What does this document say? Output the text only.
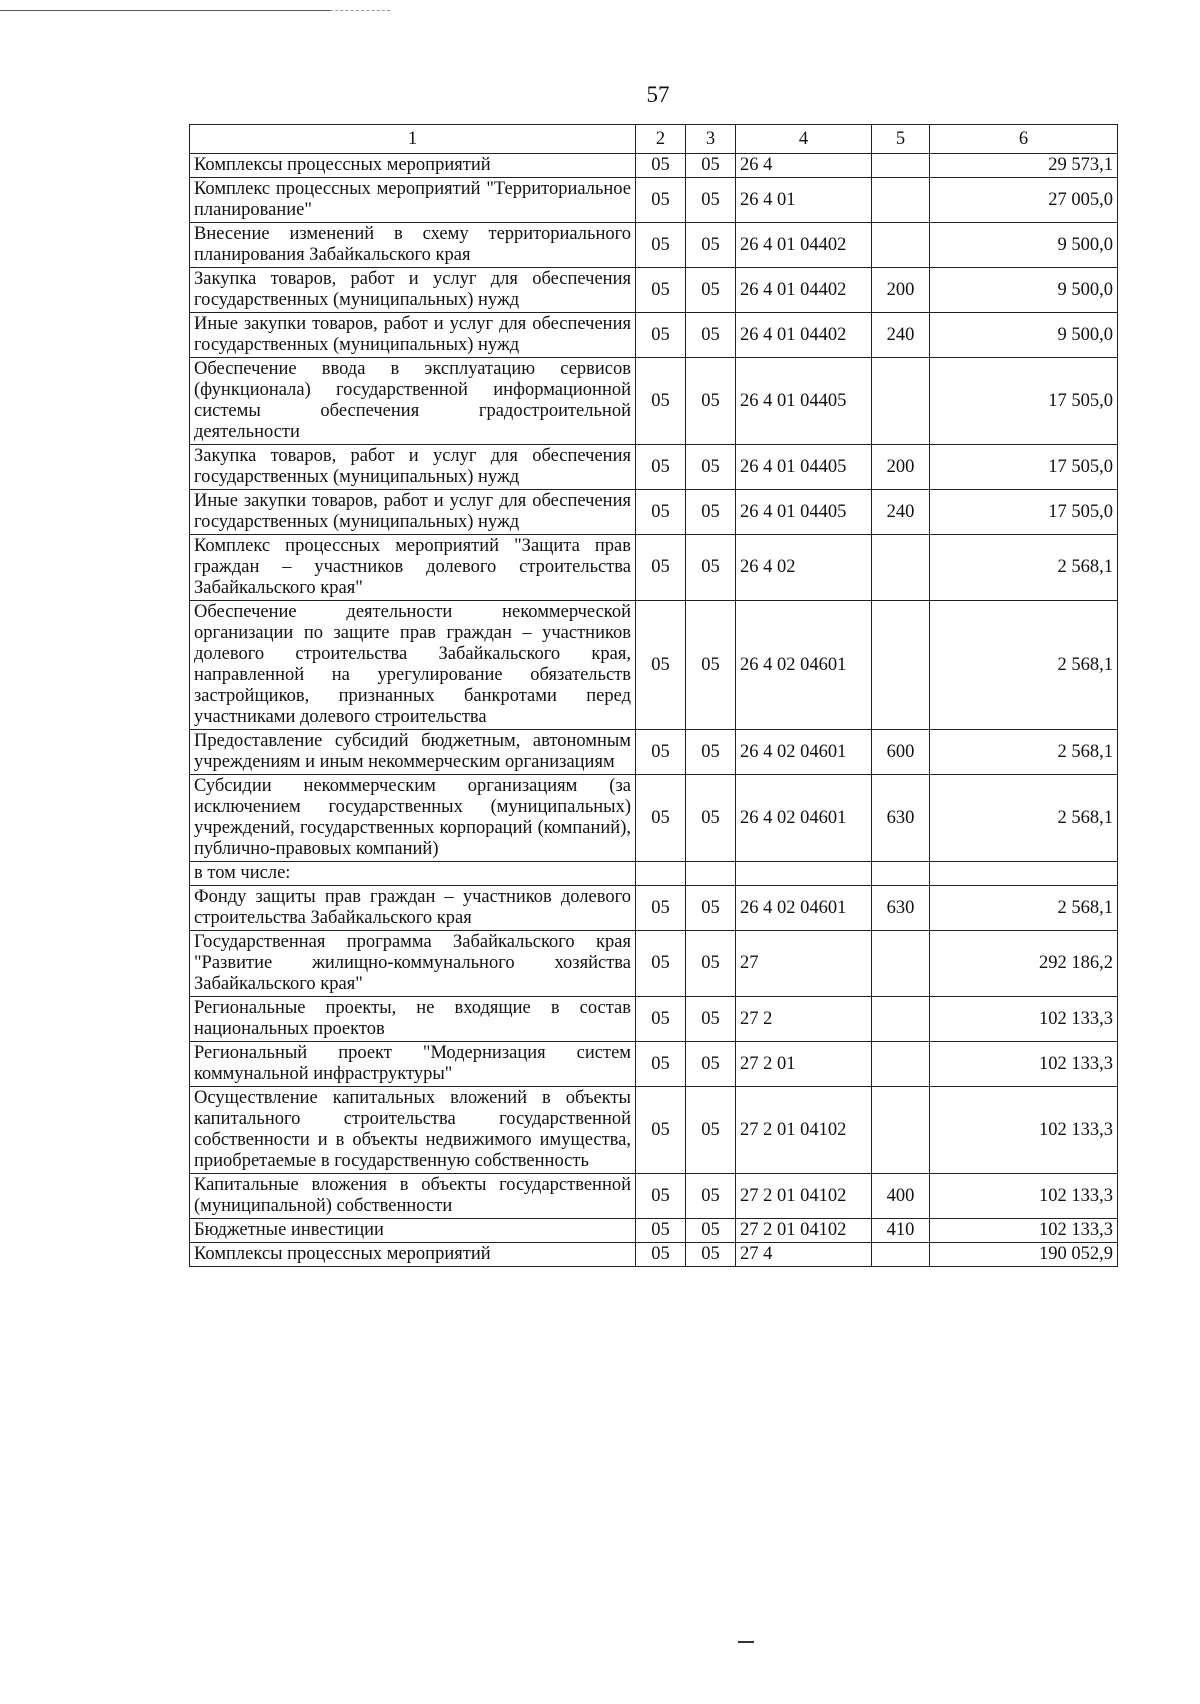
57
1	2	3	4	5	6
Комплексы процессных мероприятий	05	05	26 4		29 573,1
Комплекс процессных мероприятий "Территориальное планирование"	05	05	26 4 01		27 005,0
Внесение изменений в схему территориального планирования Забайкальского края	05	05	26 4 01 04402		9 500,0
Закупка товаров, работ и услуг для обеспечения государственных (муниципальных) нужд	05	05	26 4 01 04402	200	9 500,0
Иные закупки товаров, работ и услуг для обеспечения государственных (муниципальных) нужд	05	05	26 4 01 04402	240	9 500,0
Обеспечение ввода в эксплуатацию сервисов (функционала) государственной информационной системы обеспечения градостроительной деятельности	05	05	26 4 01 04405		17 505,0
Закупка товаров, работ и услуг для обеспечения государственных (муниципальных) нужд	05	05	26 4 01 04405	200	17 505,0
Иные закупки товаров, работ и услуг для обеспечения государственных (муниципальных) нужд	05	05	26 4 01 04405	240	17 505,0
Комплекс процессных мероприятий "Защита прав граждан – участников долевого строительства Забайкальского края"	05	05	26 4 02		2 568,1
Обеспечение деятельности некоммерческой организации по защите прав граждан – участников долевого строительства Забайкальского края, направленной на урегулирование обязательств застройщиков, признанных банкротами перед участниками долевого строительства	05	05	26 4 02 04601		2 568,1
Предоставление субсидий бюджетным, автономным учреждениям и иным некоммерческим организациям	05	05	26 4 02 04601	600	2 568,1
Субсидии некоммерческим организациям (за исключением государственных (муниципальных) учреждений, государственных корпораций (компаний), публично-правовых компаний)	05	05	26 4 02 04601	630	2 568,1
в том числе:					
Фонду защиты прав граждан – участников долевого строительства Забайкальского края	05	05	26 4 02 04601	630	2 568,1
Государственная программа Забайкальского края "Развитие жилищно-коммунального хозяйства Забайкальского края"	05	05	27		292 186,2
Региональные проекты, не входящие в состав национальных проектов	05	05	27 2		102 133,3
Региональный проект "Модернизация систем коммунальной инфраструктуры"	05	05	27 2 01		102 133,3
Осуществление капитальных вложений в объекты капитального строительства государственной собственности и в объекты недвижимого имущества, приобретаемые в государственную собственность	05	05	27 2 01 04102		102 133,3
Капитальные вложения в объекты государственной (муниципальной) собственности	05	05	27 2 01 04102	400	102 133,3
Бюджетные инвестиции	05	05	27 2 01 04102	410	102 133,3
Комплексы процессных мероприятий	05	05	27 4		190 052,9
